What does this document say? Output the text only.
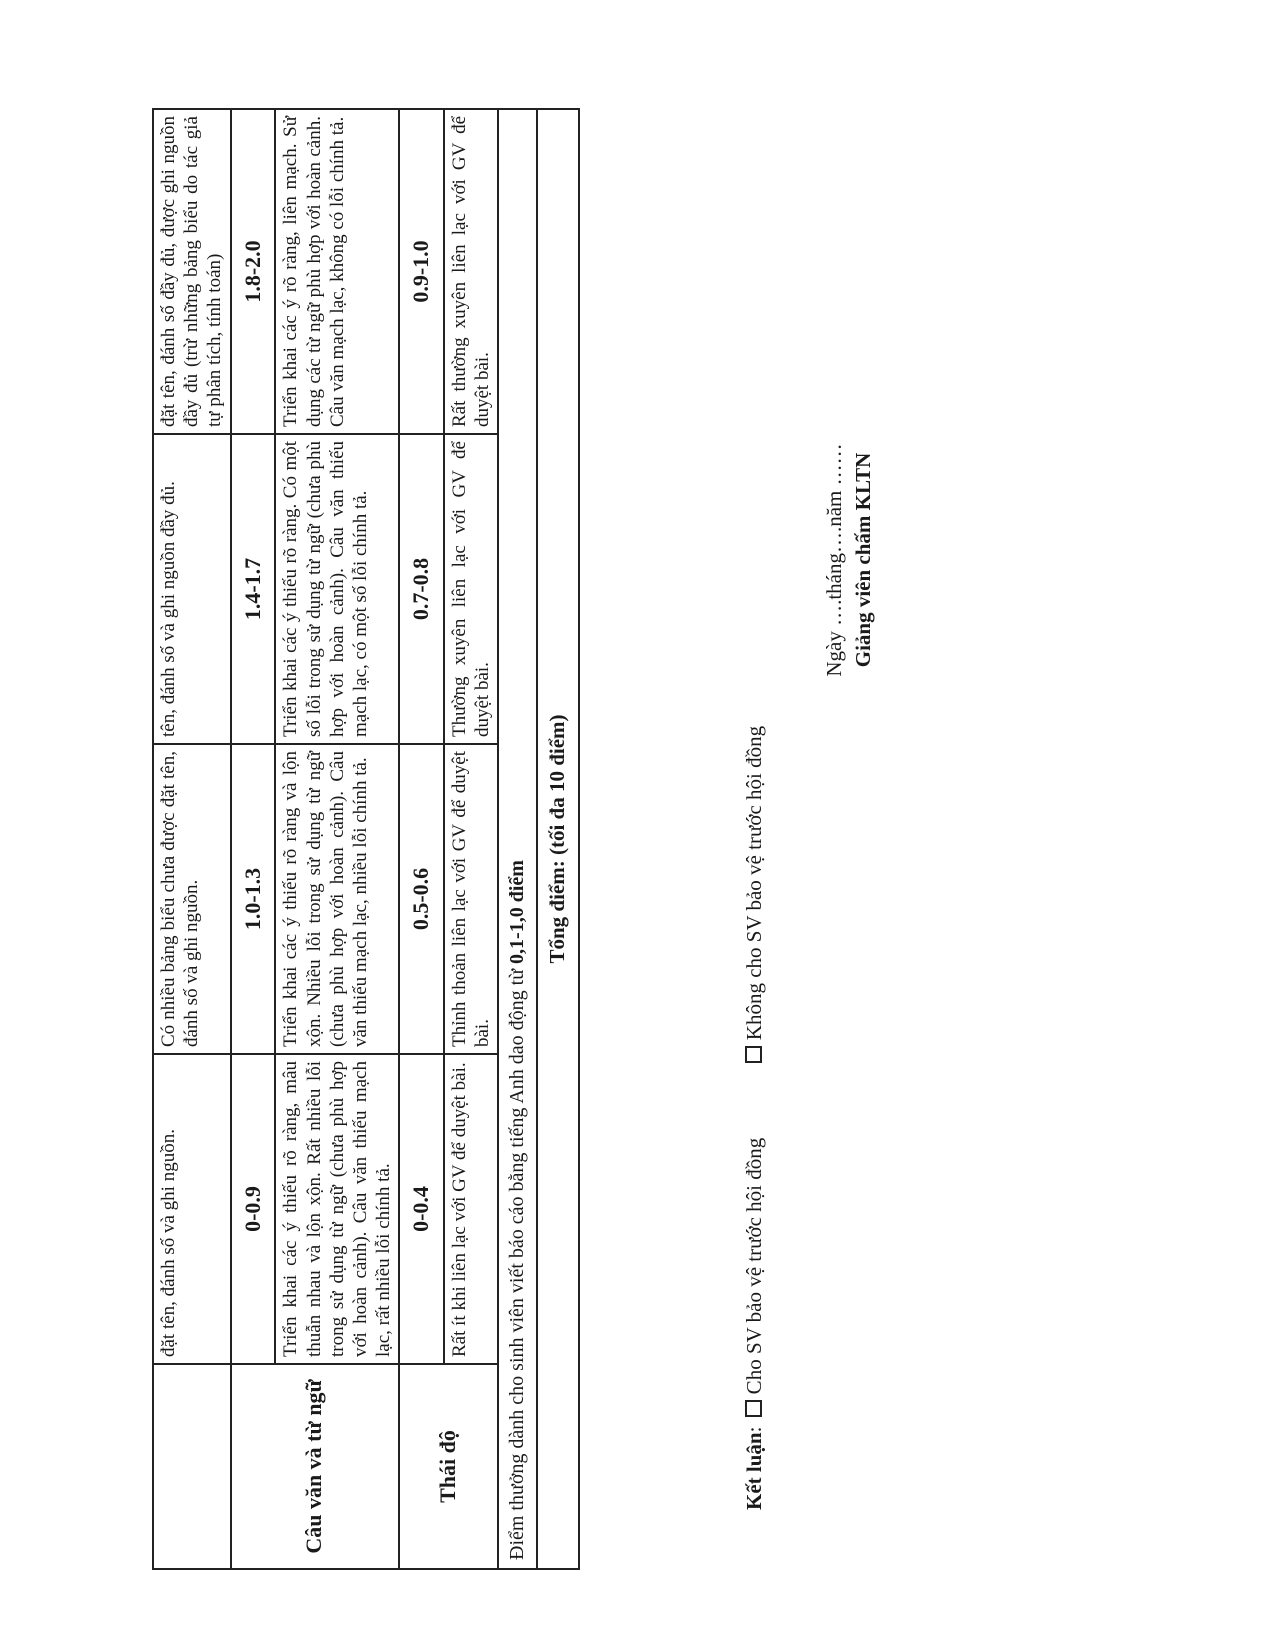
	đặt tên, đánh số và ghi nguồn.	Có nhiều bảng biểu chưa được đặt tên, đánh số và ghi nguồn.	tên, đánh số và ghi nguồn đầy đủ.	đặt tên, đánh số đầy đủ, được ghi nguồn đầy đủ (trừ những bảng biểu do tác giả tự phân tích, tính toán)
Câu văn và từ ngữ	0-0.9	1.0-1.3	1.4-1.7	1.8-2.0
	Triển khai các ý thiếu rõ ràng, mâu thuẫn nhau và lộn xộn. Rất nhiều lỗi trong sử dụng từ ngữ (chưa phù hợp với hoàn cảnh). Câu văn thiếu mạch lạc, rất nhiều lỗi chính tả.	Triển khai các ý thiếu rõ ràng và lộn xộn. Nhiều lỗi trong sử dụng từ ngữ (chưa phù hợp với hoàn cảnh). Câu văn thiếu mạch lạc, nhiều lỗi chính tả.	Triển khai các ý thiếu rõ ràng. Có một số lỗi trong sử dụng từ ngữ (chưa phù hợp với hoàn cảnh). Câu văn thiếu mạch lạc, có một số lỗi chính tả.	Triển khai các ý rõ ràng, liên mạch. Sử dụng các từ ngữ phù hợp với hoàn cảnh. Câu văn mạch lạc, không có lỗi chính tả.
Thái độ	0-0.4	0.5-0.6	0.7-0.8	0.9-1.0
	Rất ít khi liên lạc với GV để duyệt bài.	Thỉnh thoản liên lạc với GV để duyệt bài.	Thường xuyên liên lạc với GV để duyệt bài.	Rất thường xuyên liên lạc với GV để duyệt bài.
Điểm thưởng dành cho sinh viên viết báo cáo bằng tiếng Anh dao động từ 0,1-1,0 điểm				
Tổng điểm: (tối đa 10 điểm)				
Kết luận: Cho SV bảo vệ trước hội đồng  Không cho SV bảo vệ trước hội đồng
Ngày ….tháng….năm …… Giảng viên chấm KLTN
